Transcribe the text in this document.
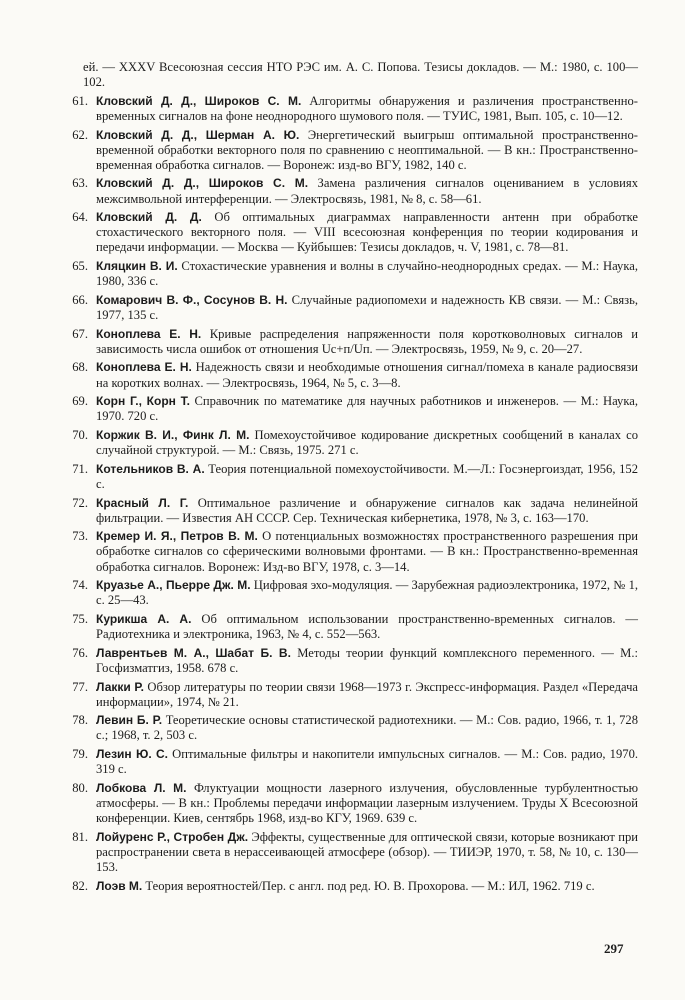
ей. — XXXV Всесоюзная сессия НТО РЭС им. А. С. Попова. Тезисы докладов. — М.: 1980, с. 100—102.
61. Кловский Д. Д., Широков С. М. Алгоритмы обнаружения и различения пространственно-временных сигналов на фоне неоднородного шумового поля. — ТУИС, 1981, Вып. 105, с. 10—12.
62. Кловский Д. Д., Шерман А. Ю. Энергетический выигрыш оптимальной пространственно-временной обработки векторного поля по сравнению с неоптимальной. — В кн.: Пространственно-временная обработка сигналов. — Воронеж: изд-во ВГУ, 1982, 140 с.
63. Кловский Д. Д., Широков С. М. Замена различения сигналов оцениванием в условиях межсимвольной интерференции. — Электросвязь, 1981, № 8, с. 58—61.
64. Кловский Д. Д. Об оптимальных диаграммах направленности антенн при обработке стохастического векторного поля. — VIII всесоюзная конференция по теории кодирования и передачи информации. — Москва — Куйбышев: Тезисы докладов, ч. V, 1981, с. 78—81.
65. Кляцкин В. И. Стохастические уравнения и волны в случайно-неоднородных средах. — М.: Наука, 1980, 336 с.
66. Комарович В. Ф., Сосунов В. Н. Случайные радиопомехи и надежность КВ связи. — М.: Связь, 1977, 135 с.
67. Коноплева Е. Н. Кривые распределения напряженности поля коротковолновых сигналов и зависимость числа ошибок от отношения Uс+п/Uп. — Электросвязь, 1959, № 9, с. 20—27.
68. Коноплева Е. Н. Надежность связи и необходимые отношения сигнал/помеха в канале радиосвязи на коротких волнах. — Электросвязь, 1964, № 5, с. 3—8.
69. Корн Г., Корн Т. Справочник по математике для научных работников и инженеров. — М.: Наука, 1970. 720 с.
70. Коржик В. И., Финк Л. М. Помехоустойчивое кодирование дискретных сообщений в каналах со случайной структурой. — М.: Связь, 1975. 271 с.
71. Котельников В. А. Теория потенциальной помехоустойчивости. М.—Л.: Госэнергоиздат, 1956, 152 с.
72. Красный Л. Г. Оптимальное различение и обнаружение сигналов как задача нелинейной фильтрации. — Известия АН СССР. Сер. Техническая кибернетика, 1978, № 3, с. 163—170.
73. Кремер И. Я., Петров В. М. О потенциальных возможностях пространственного разрешения при обработке сигналов со сферическими волновыми фронтами. — В кн.: Пространственно-временная обработка сигналов. Воронеж: Изд-во ВГУ, 1978, с. 3—14.
74. Круазье А., Пьерре Дж. М. Цифровая эхо-модуляция. — Зарубежная радиоэлектроника, 1972, № 1, с. 25—43.
75. Курикша А. А. Об оптимальном использовании пространственно-временных сигналов. — Радиотехника и электроника, 1963, № 4, с. 552—563.
76. Лаврентьев М. А., Шабат Б. В. Методы теории функций комплексного переменного. — М.: Госфизматгиз, 1958. 678 с.
77. Лакки Р. Обзор литературы по теории связи 1968—1973 г. Экспресс-информация. Раздел «Передача информации», 1974, № 21.
78. Левин Б. Р. Теоретические основы статистической радиотехники. — М.: Сов. радио, 1966, т. 1, 728 с.; 1968, т. 2, 503 с.
79. Лезин Ю. С. Оптимальные фильтры и накопители импульсных сигналов. — М.: Сов. радио, 1970. 319 с.
80. Лобкова Л. М. Флуктуации мощности лазерного излучения, обусловленные турбулентностью атмосферы. — В кн.: Проблемы передачи информации лазерным излучением. Труды X Всесоюзной конференции. Киев, сентябрь 1968, изд-во КГУ, 1969. 639 с.
81. Лойуренс Р., Стробен Дж. Эффекты, существенные для оптической связи, которые возникают при распространении света в нерассеивающей атмосфере (обзор). — ТИИЭР, 1970, т. 58, № 10, с. 130—153.
82. Лоэв М. Теория вероятностей/Пер. с англ. под ред. Ю. В. Прохорова. — М.: ИЛ, 1962. 719 с.
297
